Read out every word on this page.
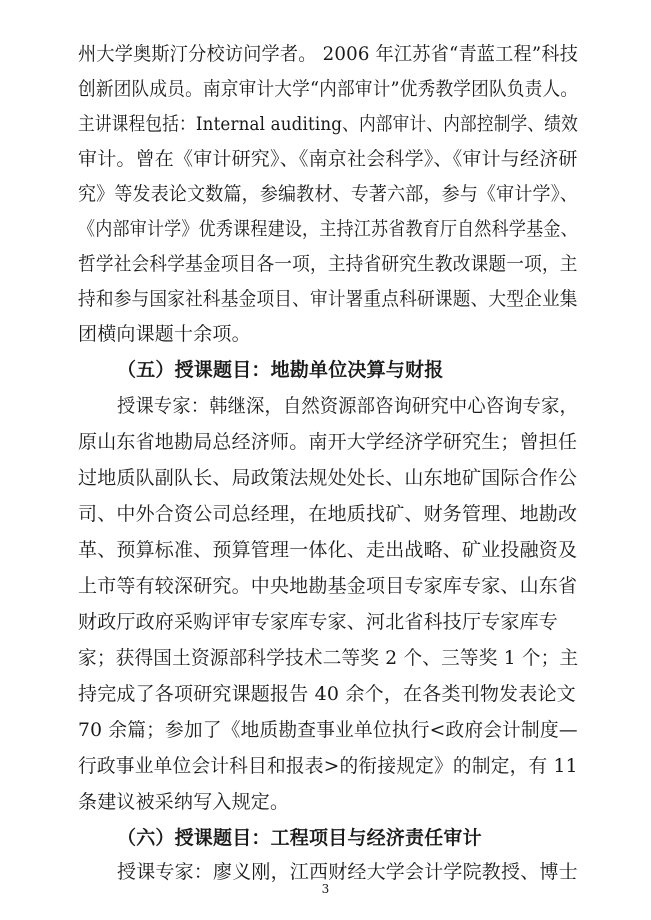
州大学奥斯汀分校访问学者。 2006 年江苏省“青蓝工程”科技
创新团队成员。南京审计大学“内部审计”优秀教学团队负责人。
主讲课程包括：Internal auditing、内部审计、内部控制学、绩效
审计。曾在《审计研究》、《南京社会科学》、《审计与经济研
究》等发表论文数篇，参编教材、专著六部，参与《审计学》、
《内部审计学》优秀课程建设，主持江苏省教育厅自然科学基金、
哲学社会科学基金项目各一项，主持省研究生教改课题一项，主
持和参与国家社科基金项目、审计署重点科研课题、大型企业集
团横向课题十余项。
（五）授课题目：地勘单位决算与财报
授课专家：韩继深，自然资源部咨询研究中心咨询专家，
原山东省地勘局总经济师。南开大学经济学研究生；曾担任
过地质队副队长、局政策法规处处长、山东地矿国际合作公
司、中外合资公司总经理，在地质找矿、财务管理、地勘改
革、预算标准、预算管理一体化、走出战略、矿业投融资及
上市等有较深研究。中央地勘基金项目专家库专家、山东省
财政厅政府采购评审专家库专家、河北省科技厅专家库专
家；获得国土资源部科学技术二等奖 2 个、三等奖 1 个；主
持完成了各项研究课题报告 40 余个，在各类刊物发表论文
70 余篇；参加了《地质勘查事业单位执行<政府会计制度—
行政事业单位会计科目和报表>的衔接规定》的制定，有 11
条建议被采纳写入规定。
（六）授课题目：工程项目与经济责任审计
授课专家：廖义刚，江西财经大学会计学院教授、博士
3
